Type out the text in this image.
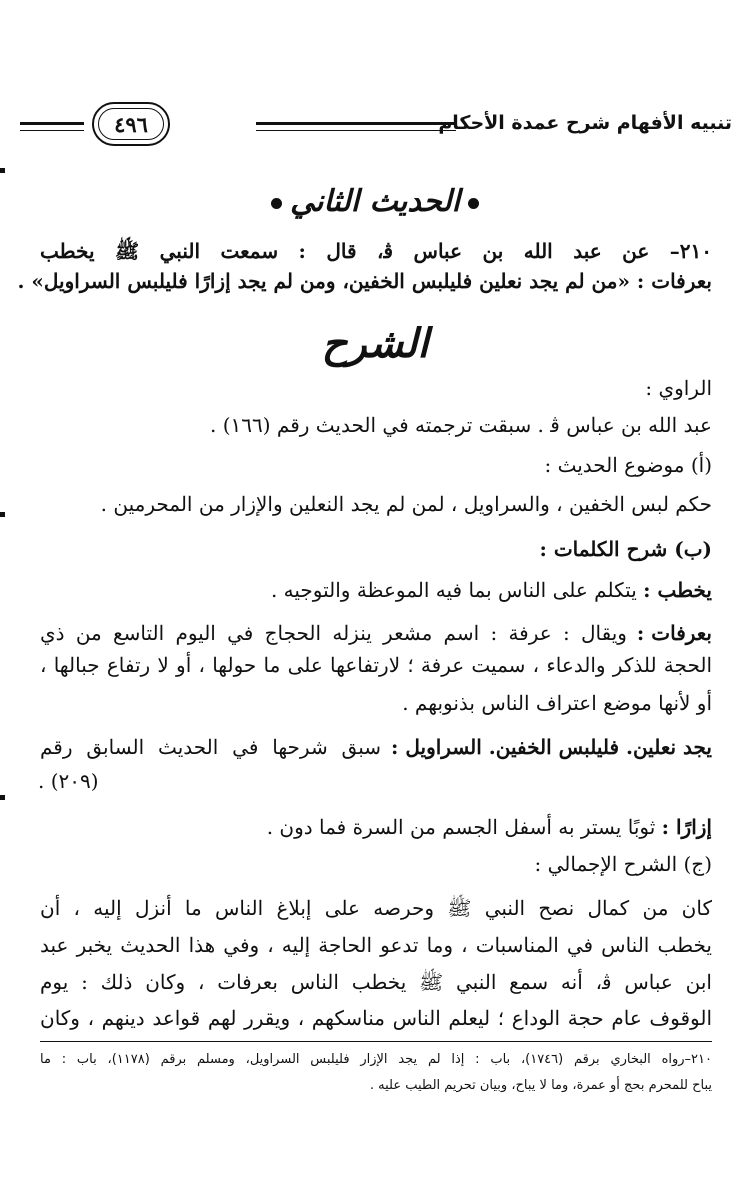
تنبيه الأفهام شرح عمدة الأحكام
٤٩٦
الحديث الثاني
٢١٠– عن عبد الله بن عباس ﭬ، قال : سمعت النبي ﷺ يخطب
بعرفات : «من لم يجد نعلين فليلبس الخفين، ومن لم يجد إزارًا فليلبس السراويل» .
الشرح
الراوي :
عبد الله بن عباس ﭬ . سبقت ترجمته في الحديث رقم (١٦٦) .
(أ) موضوع الحديث :
حكم لبس الخفين ، والسراويل ، لمن لم يجد النعلين والإزار من المحرمين .
(ب) شرح الكلمات :
يخطب : يتكلم على الناس بما فيه الموعظة والتوجيه .
بعرفات :
ويقال : عرفة : اسم مشعر ينزله الحجاج في اليوم التاسع من ذي
الحجة للذكر والدعاء ، سميت عرفة ؛ لارتفاعها على ما حولها ، أو لا رتفاع جبالها ،
أو لأنها موضع اعتراف الناس بذنوبهم .
يجد نعلين. فليلبس الخفين. السراويل :
سبق شرحها في الحديث السابق رقم
(٢٠٩) .
إزارًا : ثوبًا يستر به أسفل الجسم من السرة فما دون .
(ج) الشرح الإجمالي :
كان من كمال نصح النبي ﷺ وحرصه على إبلاغ الناس ما أنزل إليه ، أن
يخطب الناس في المناسبات ، وما تدعو الحاجة إليه ، وفي هذا الحديث يخبر عبد
ابن عباس ﭬ، أنه سمع النبي ﷺ يخطب الناس بعرفات ، وكان ذلك : يوم
الوقوف عام حجة الوداع ؛ ليعلم الناس مناسكهم ، ويقرر لهم قواعد دينهم ، وكان
٢١٠–رواه البخاري برقم (١٧٤٦)، باب : إذا لم يجد الإزار فليلبس السراويل، ومسلم برقم (١١٧٨)، باب : ما
يباح للمحرم بحج أو عمرة، وما لا يباح، وبيان تحريم الطيب عليه .
